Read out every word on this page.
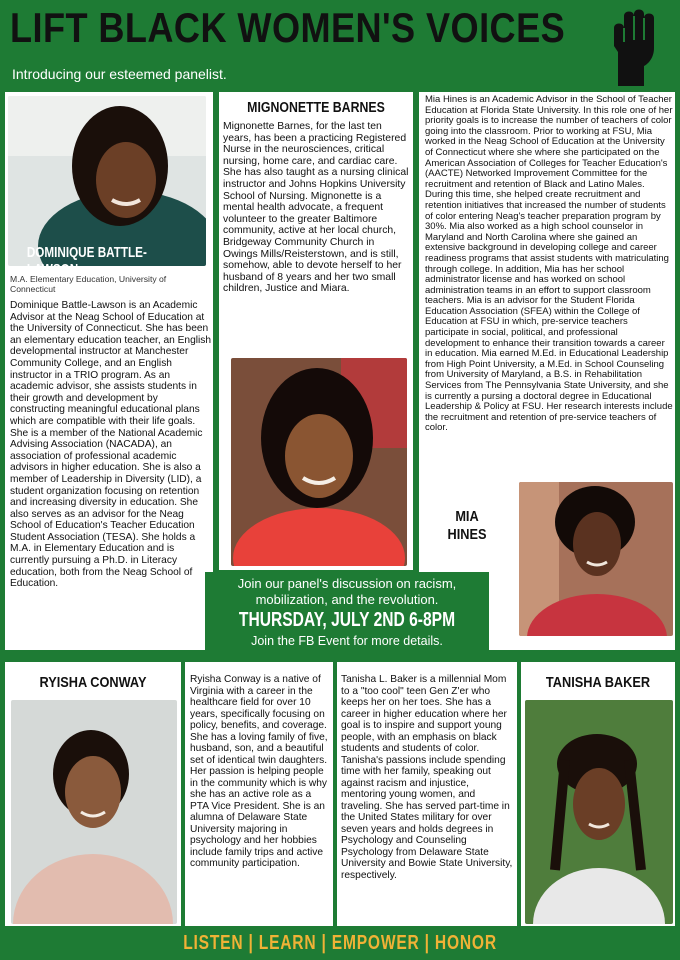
LIFT BLACK WOMEN'S VOICES
Introducing our esteemed panelist.
DOMINIQUE BATTLE-LAWSON
M.A. Elementary Education, University of Connecticut
Dominique Battle-Lawson is an Academic Advisor at the Neag School of Education at the University of Connecticut. She has been an elementary education teacher, an English developmental instructor at Manchester Community College, and an English instructor in a TRIO program. As an academic advisor, she assists students in their growth and development by constructing meaningful educational plans which are compatible with their life goals. She is a member of the National Academic Advising Association (NACADA), an association of professional academic advisors in higher education. She is also a member of Leadership in Diversity (LID), a student organization focusing on retention and increasing diversity in education. She also serves as an advisor for the Neag School of Education's Teacher Education Student Association (TESA). She holds a M.A. in Elementary Education and is currently pursuing a Ph.D. in Literacy education, both from the Neag School of Education.
MIGNONETTE BARNES
Mignonette Barnes, for the last ten years, has been a practicing Registered Nurse in the neurosciences, critical nursing, home care, and cardiac care. She has also taught as a nursing clinical instructor and Johns Hopkins University School of Nursing. Mignonette is a mental health advocate, a frequent volunteer to the greater Baltimore community, active at her local church, Bridgeway Community Church in Owings Mills/Reisterstown, and is still, somehow, able to devote herself to her husband of 8 years and her two small children, Justice and Miara.
Mia Hines is an Academic Advisor in the School of Teacher Education at Florida State University. In this role one of her priority goals is to increase the number of teachers of color going into the classroom. Prior to working at FSU, Mia worked in the Neag School of Education at the University of Connecticut where she where she participated on the American Association of Colleges for Teacher Education's (AACTE) Networked Improvement Committee for the recruitment and retention of Black and Latino Males. During this time, she helped create recruitment and retention initiatives that increased the number of students of color entering Neag's teacher preparation program by 30%. Mia also worked as a high school counselor in Maryland and North Carolina where she gained an extensive background in developing college and career readiness programs that assist students with matriculating through college. In addition, Mia has her school administrator license and has worked on school administration teams in an effort to support classroom teachers. Mia is an advisor for the Student Florida Education Association (SFEA) within the College of Education at FSU in which, pre-service teachers participate in social, political, and professional development to enhance their transition towards a career in education. Mia earned M.Ed. in Educational Leadership from High Point University, a M.Ed. in School Counseling from University of Maryland, a B.S. in Rehabilitation Services from The Pennsylvania State University, and she is currently a pursing a doctoral degree in Educational Leadership & Policy at FSU. Her research interests include the recruitment and retention of pre-service teachers of color.
MIA
HINES
Join our panel's discussion on racism, mobilization, and the revolution.
THURSDAY, JULY 2ND 6-8PM
Join the FB Event for more details.
RYISHA CONWAY	Ryisha Conway is a native of Virginia with a career in the healthcare field for over 10 years, specifically focusing on policy, benefits, and coverage. She has a loving family of five, husband, son, and a beautiful set of identical twin daughters. Her passion is helping people in the community which is why she has an active role as a PTA Vice President. She is an alumna of Delaware State University majoring in psychology and her hobbies include family trips and active community participation.
Tanisha L. Baker is a millennial Mom to a "too cool" teen Gen Z'er who keeps her on her toes. She has a career in higher education where her goal is to inspire and support young people, with an emphasis on black students and students of color. Tanisha's passions include spending time with her family, speaking out against racism and injustice, mentoring young women, and traveling. She has served part-time in the United States military for over seven years and holds degrees in Psychology and Counseling Psychology from Delaware State University and Bowie State University, respectively.
TANISHA BAKER
LISTEN | LEARN | EMPOWER | HONOR
